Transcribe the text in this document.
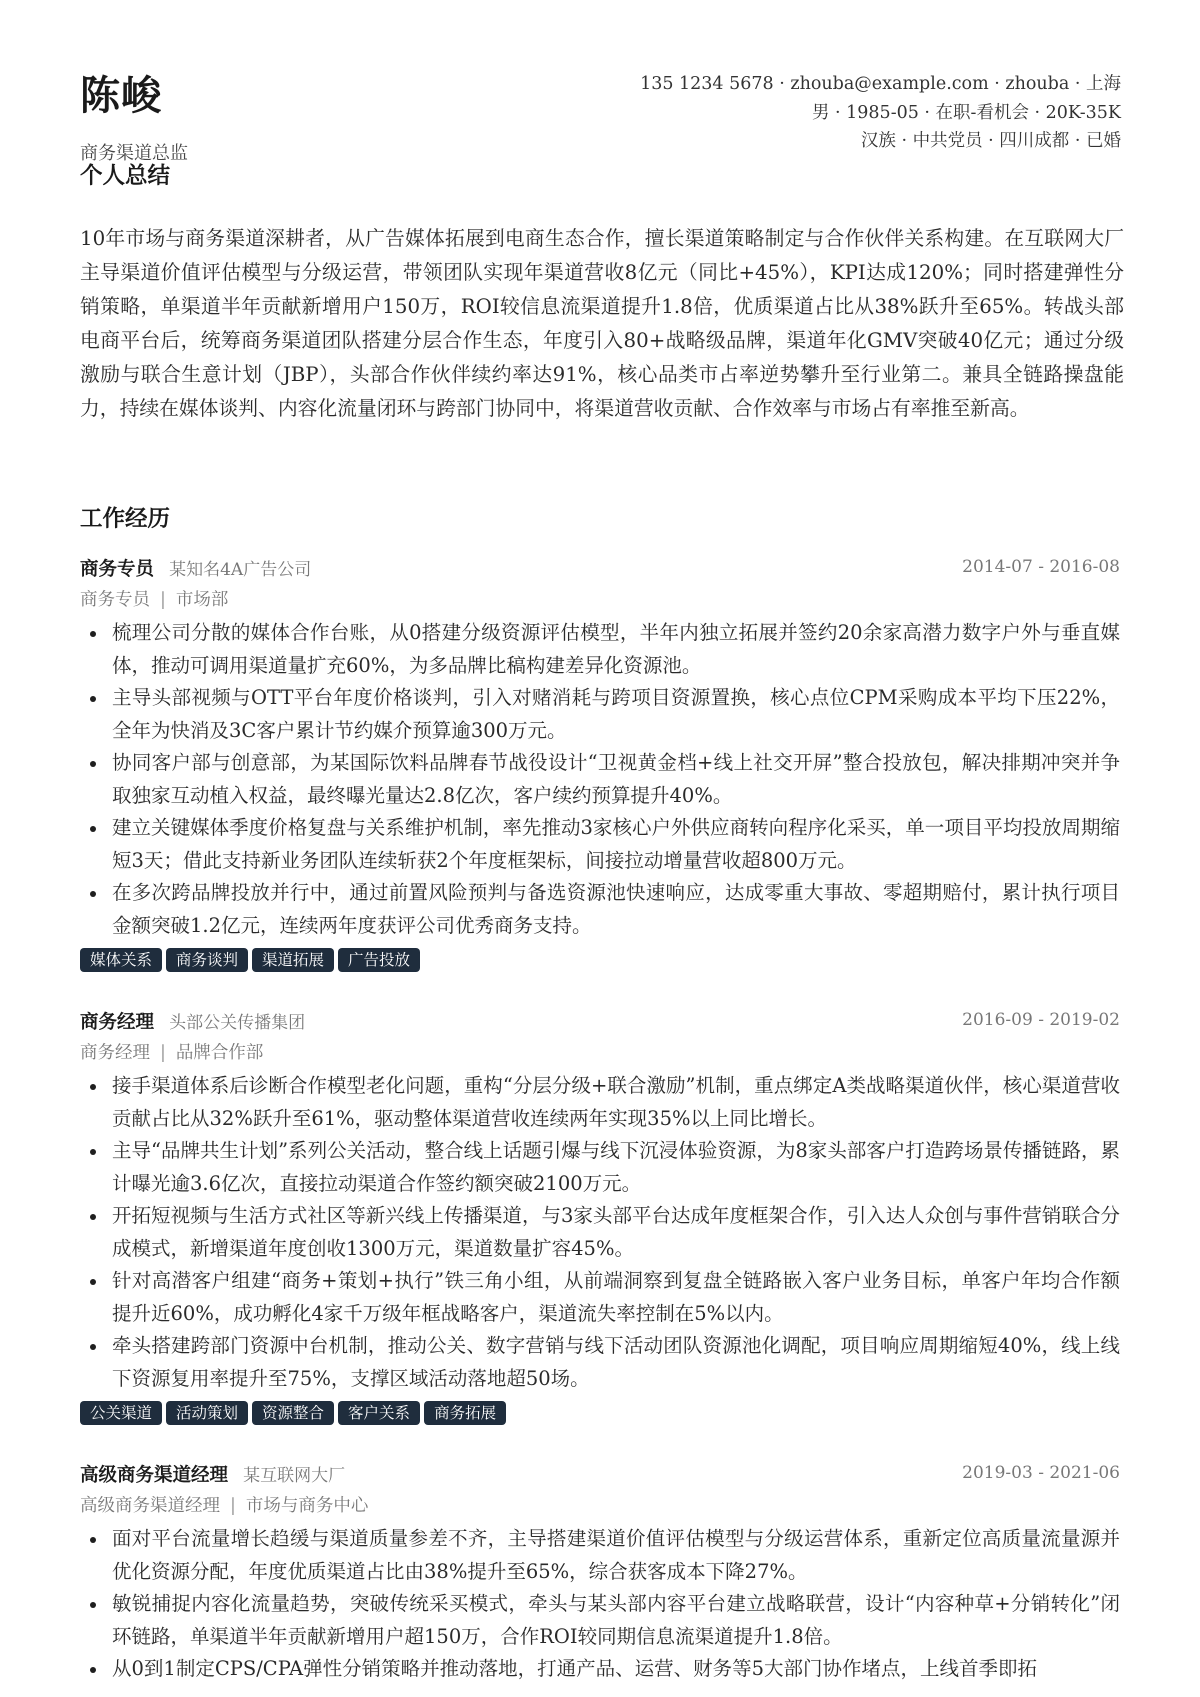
陈峻
商务渠道总监
135 1234 5678 · zhouba@example.com · zhouba · 上海
男 · 1985-05 · 在职-看机会 · 20K-35K
汉族 · 中共党员 · 四川成都 · 已婚
个人总结

10年市场与商务渠道深耕者，从广告媒体拓展到电商生态合作，擅长渠道策略制定与合作伙伴关系构建。在互联网大厂主导渠道价值评估模型与分级运营，带领团队实现年渠道营收8亿元（同比+45%），KPI达成120%；同时搭建弹性分销策略，单渠道半年贡献新增用户150万，ROI较信息流渠道提升1.8倍，优质渠道占比从38%跃升至65%。转战头部电商平台后，统筹商务渠道团队搭建分层合作生态，年度引入80+战略级品牌，渠道年化GMV突破40亿元；通过分级激励与联合生意计划（JBP），头部合作伙伴续约率达91%，核心品类市占率逆势攀升至行业第二。兼具全链路操盘能力，持续在媒体谈判、内容化流量闭环与跨部门协同中，将渠道营收贡献、合作效率与市场占有率推至新高。

工作经历
商务专员 某知名4A广告公司	2014-07 - 2016-08
商务专员 | 市场部
梳理公司分散的媒体合作台账，从0搭建分级资源评估模型，半年内独立拓展并签约20余家高潜力数字户外与垂直媒体，推动可调用渠道量扩充60%，为多品牌比稿构建差异化资源池。
主导头部视频与OTT平台年度价格谈判，引入对赌消耗与跨项目资源置换，核心点位CPM采购成本平均下压22%，全年为快消及3C客户累计节约媒介预算逾300万元。
协同客户部与创意部，为某国际饮料品牌春节战役设计“卫视黄金档+线上社交开屏”整合投放包，解决排期冲突并争取独家互动植入权益，最终曝光量达2.8亿次，客户续约预算提升40%。
建立关键媒体季度价格复盘与关系维护机制，率先推动3家核心户外供应商转向程序化采买，单一项目平均投放周期缩短3天；借此支持新业务团队连续斩获2个年度框架标，间接拉动增量营收超800万元。
在多次跨品牌投放并行中，通过前置风险预判与备选资源池快速响应，达成零重大事故、零超期赔付，累计执行项目金额突破1.2亿元，连续两年度获评公司优秀商务支持。
媒体关系 商务谈判 渠道拓展 广告投放
商务经理 头部公关传播集团	2016-09 - 2019-02
商务经理 | 品牌合作部
接手渠道体系后诊断合作模型老化问题，重构“分层分级+联合激励”机制，重点绑定A类战略渠道伙伴，核心渠道营收贡献占比从32%跃升至61%，驱动整体渠道营收连续两年实现35%以上同比增长。
主导“品牌共生计划”系列公关活动，整合线上话题引爆与线下沉浸体验资源，为8家头部客户打造跨场景传播链路，累计曝光逾3.6亿次，直接拉动渠道合作签约额突破2100万元。
开拓短视频与生活方式社区等新兴线上传播渠道，与3家头部平台达成年度框架合作，引入达人众创与事件营销联合分成模式，新增渠道年度创收1300万元，渠道数量扩容45%。
针对高潜客户组建“商务+策划+执行”铁三角小组，从前端洞察到复盘全链路嵌入客户业务目标，单客户年均合作额提升近60%，成功孵化4家千万级年框战略客户，渠道流失率控制在5%以内。
牵头搭建跨部门资源中台机制，推动公关、数字营销与线下活动团队资源池化调配，项目响应周期缩短40%，线上线下资源复用率提升至75%，支撑区域活动落地超50场。
公关渠道 活动策划 资源整合 客户关系 商务拓展
高级商务渠道经理 某互联网大厂	2019-03 - 2021-06
高级商务渠道经理 | 市场与商务中心
面对平台流量增长趋缓与渠道质量参差不齐，主导搭建渠道价值评估模型与分级运营体系，重新定位高质量流量源并优化资源分配，年度优质渠道占比由38%提升至65%，综合获客成本下降27%。
敏锐捕捉内容化流量趋势，突破传统采买模式，牵头与某头部内容平台建立战略联营，设计“内容种草+分销转化”闭环链路，单渠道半年贡献新增用户超150万，合作ROI较同期信息流渠道提升1.8倍。
从0到1制定CPS/CPA弹性分销策略并推动落地，打通产品、运营、财务等5大部门协作堵点，上线首季即拓
